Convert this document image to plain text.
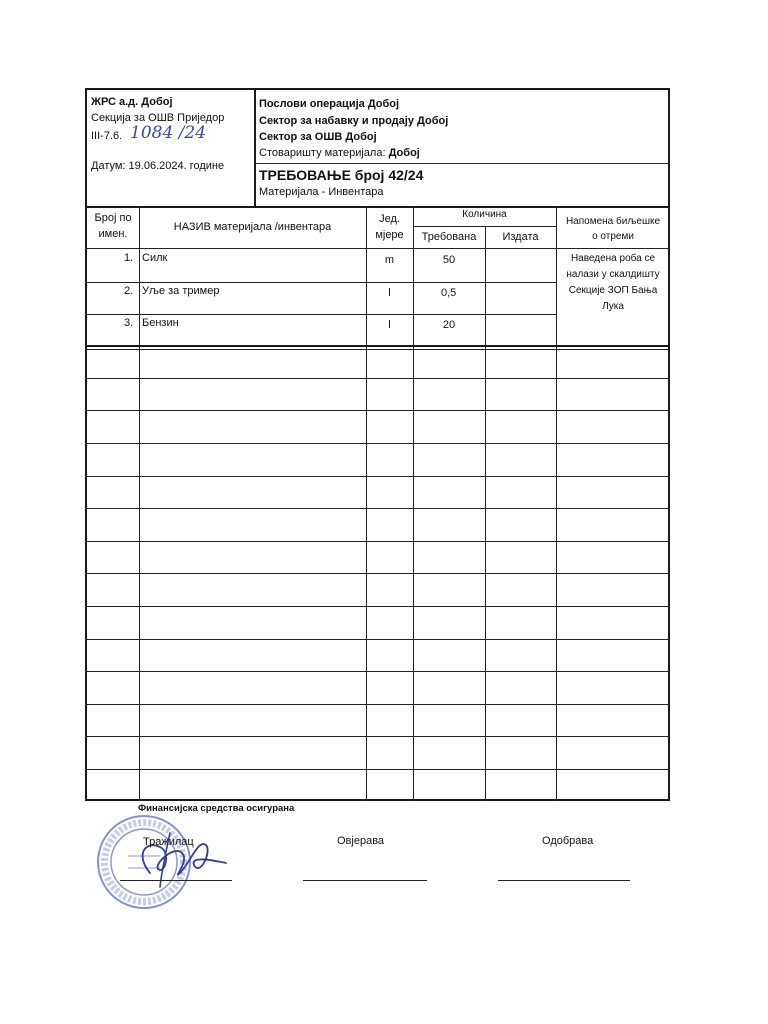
ЖРС а.д. Добој
Секција за ОШВ Приједор
III-7.6. 1084 /24
Датум: 19.06.2024. године
Послови операција Добој
Сектор за набавку и продају Добој
Сектор за ОШВ Добој
Стоваришту материјала: Добој
ТРЕБОВАЊЕ број 42/24
Материјала - Инвентара
Број по
имен.
НАЗИВ материјала /инвентара
Јед.
мјере
Количина
Требована	Издата
Напомена биљешке
о отреми
1. Силк	m	50
2. Уље за тример	l	0,5
3. Бензин	l	20
Наведена роба се
налази у скалдишту
Секције ЗОП Бања
Лука
Финансијска средства осигурана
Тражилац	Овјерава	Одобрава
